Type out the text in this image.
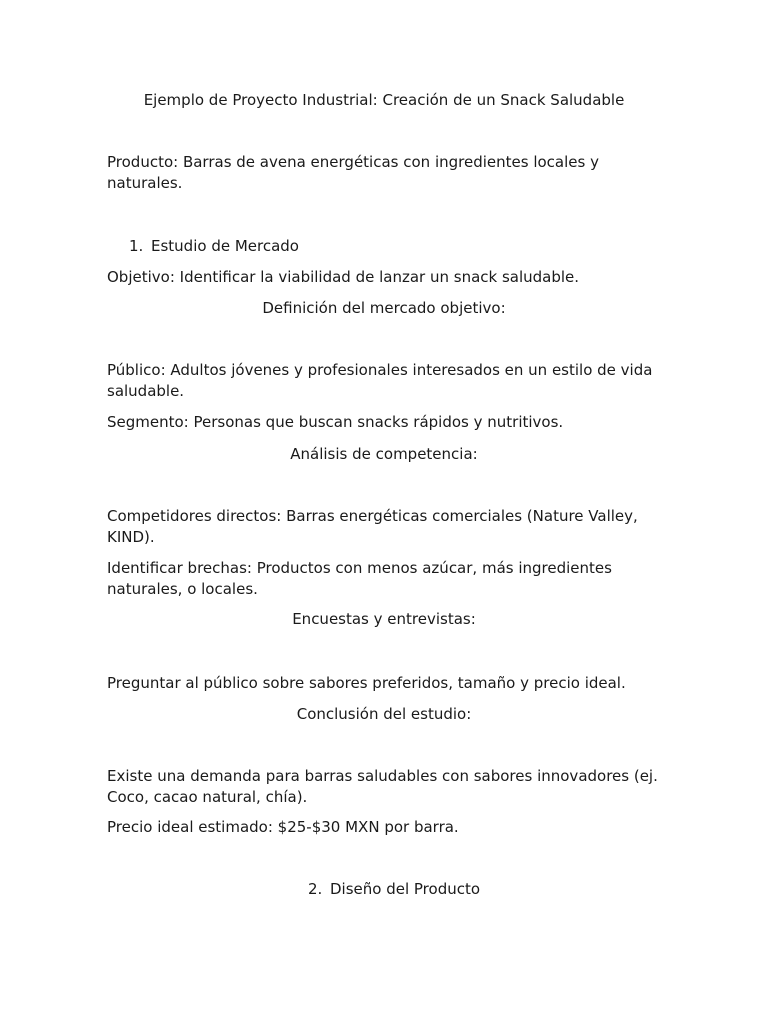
Ejemplo de Proyecto Industrial: Creación de un Snack Saludable

Producto: Barras de avena energéticas con ingredientes locales y naturales.

1. Estudio de Mercado

Objetivo: Identificar la viabilidad de lanzar un snack saludable.

Definición del mercado objetivo:

Público: Adultos jóvenes y profesionales interesados en un estilo de vida saludable.

Segmento: Personas que buscan snacks rápidos y nutritivos.

Análisis de competencia:

Competidores directos: Barras energéticas comerciales (Nature Valley, KIND).

Identificar brechas: Productos con menos azúcar, más ingredientes naturales, o locales.

Encuestas y entrevistas:

Preguntar al público sobre sabores preferidos, tamaño y precio ideal.

Conclusión del estudio:

Existe una demanda para barras saludables con sabores innovadores (ej. Coco, cacao natural, chía).

Precio ideal estimado: $25-$30 MXN por barra.

2. Diseño del Producto
